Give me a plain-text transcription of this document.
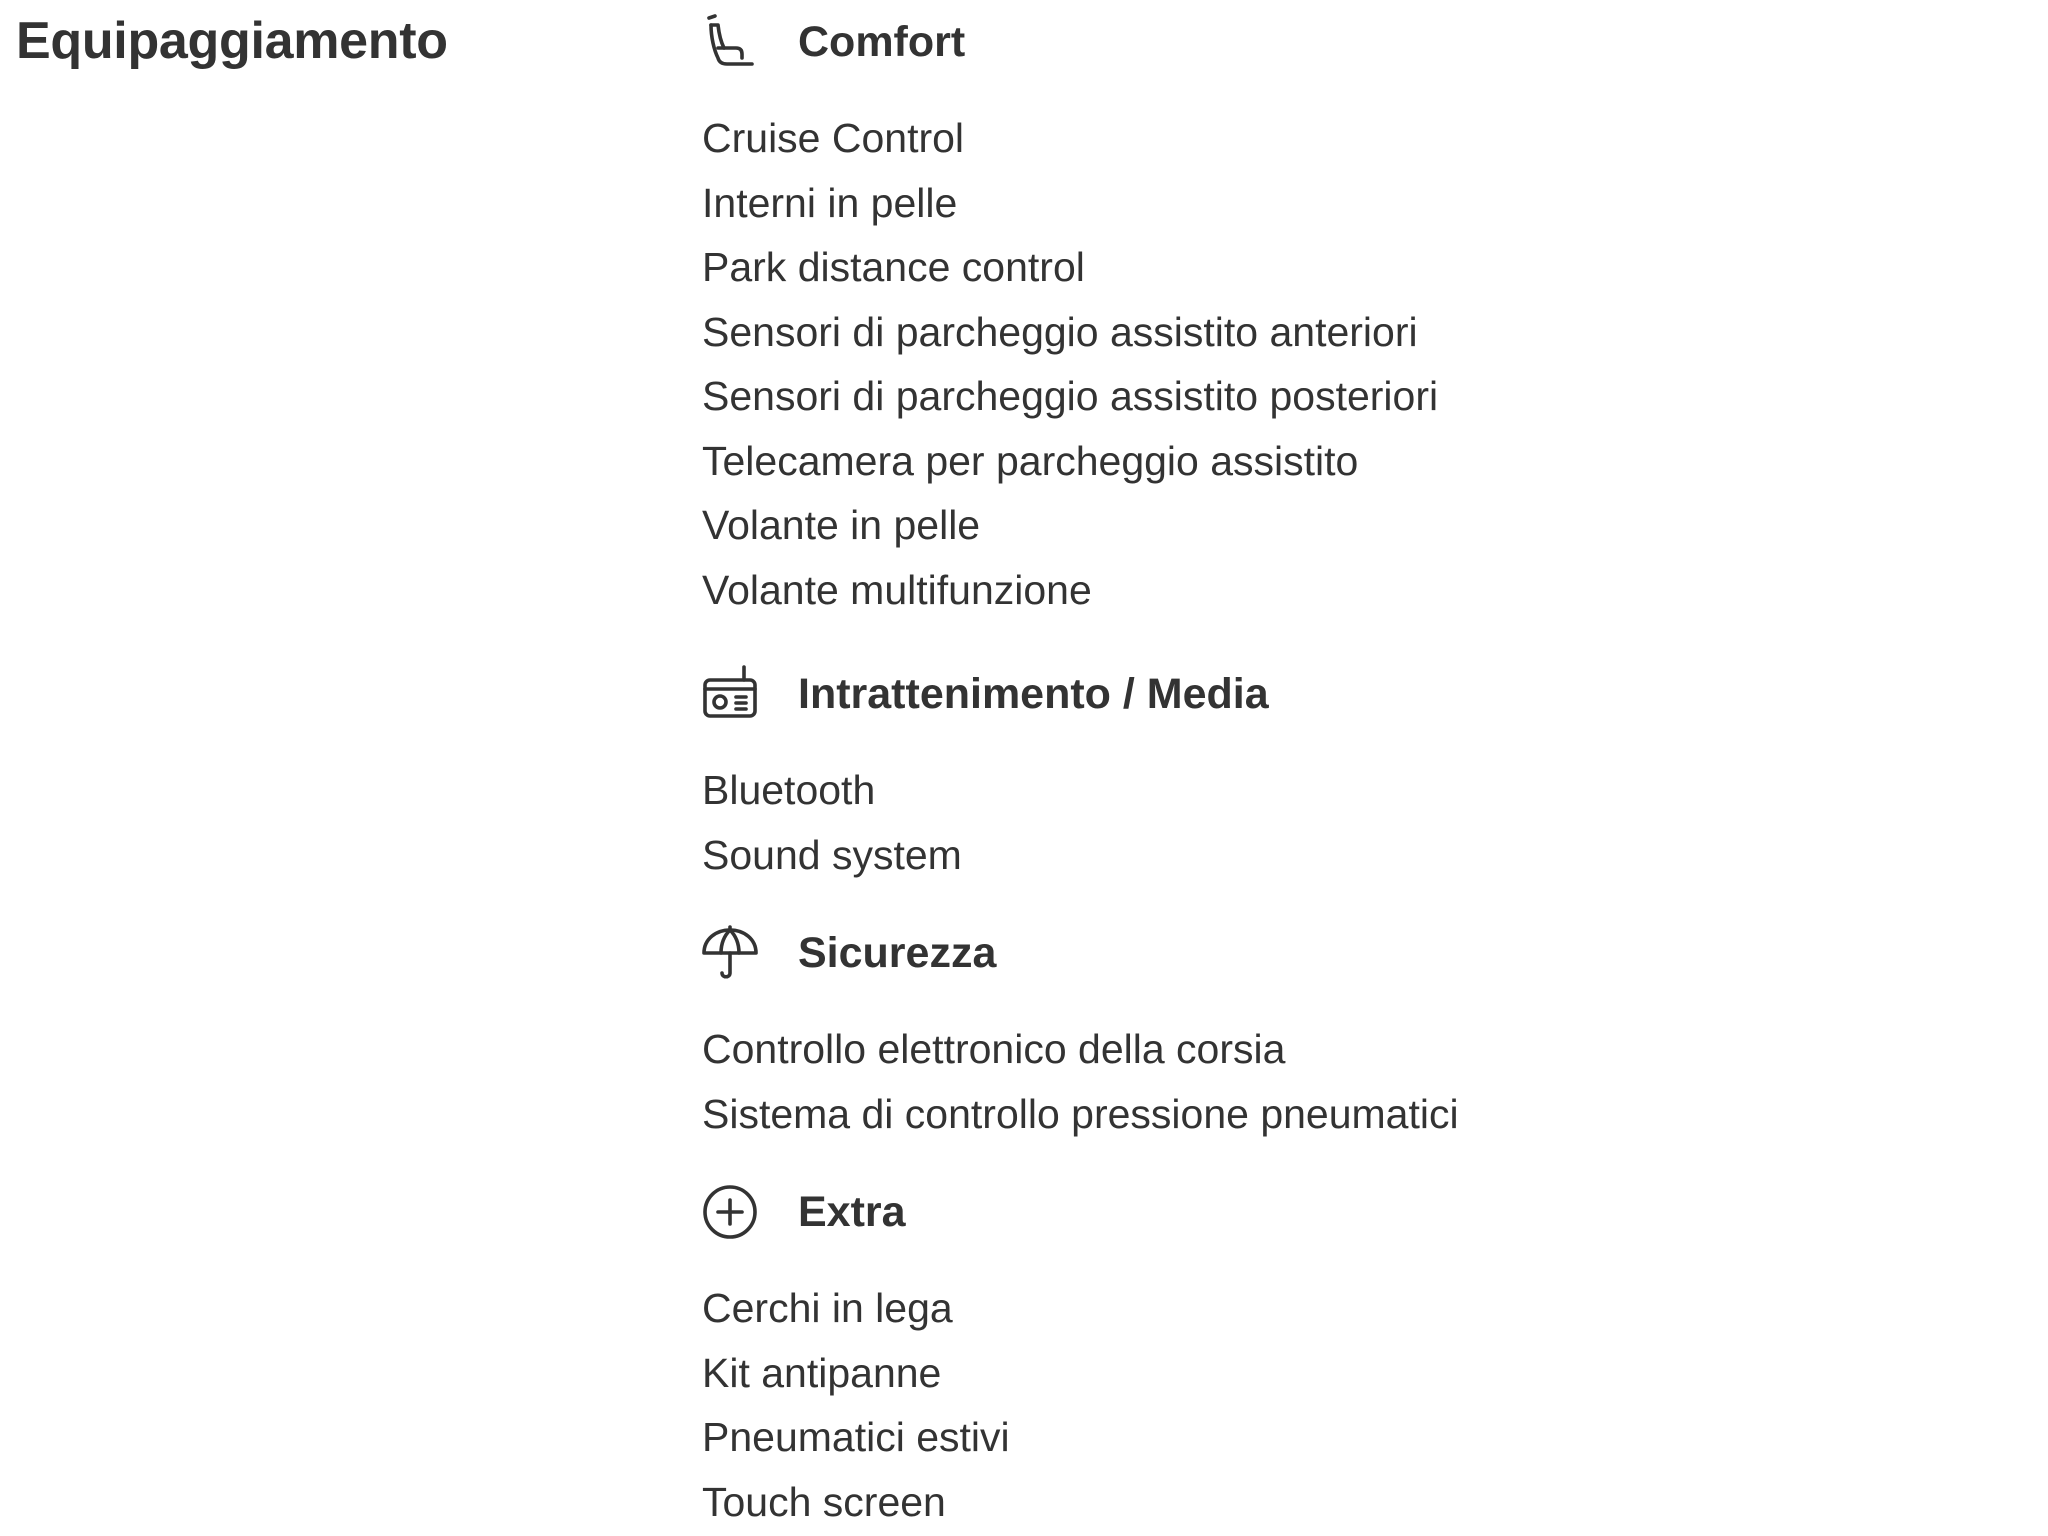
Equipaggiamento	Comfort
Cruise Control
Interni in pelle
Park distance control
Sensori di parcheggio assistito anteriori
Sensori di parcheggio assistito posteriori
Telecamera per parcheggio assistito
Volante in pelle
Volante multifunzione
Intrattenimento / Media
Bluetooth
Sound system
Sicurezza
Controllo elettronico della corsia
Sistema di controllo pressione pneumatici
Extra
Cerchi in lega
Kit antipanne
Pneumatici estivi
Touch screen
